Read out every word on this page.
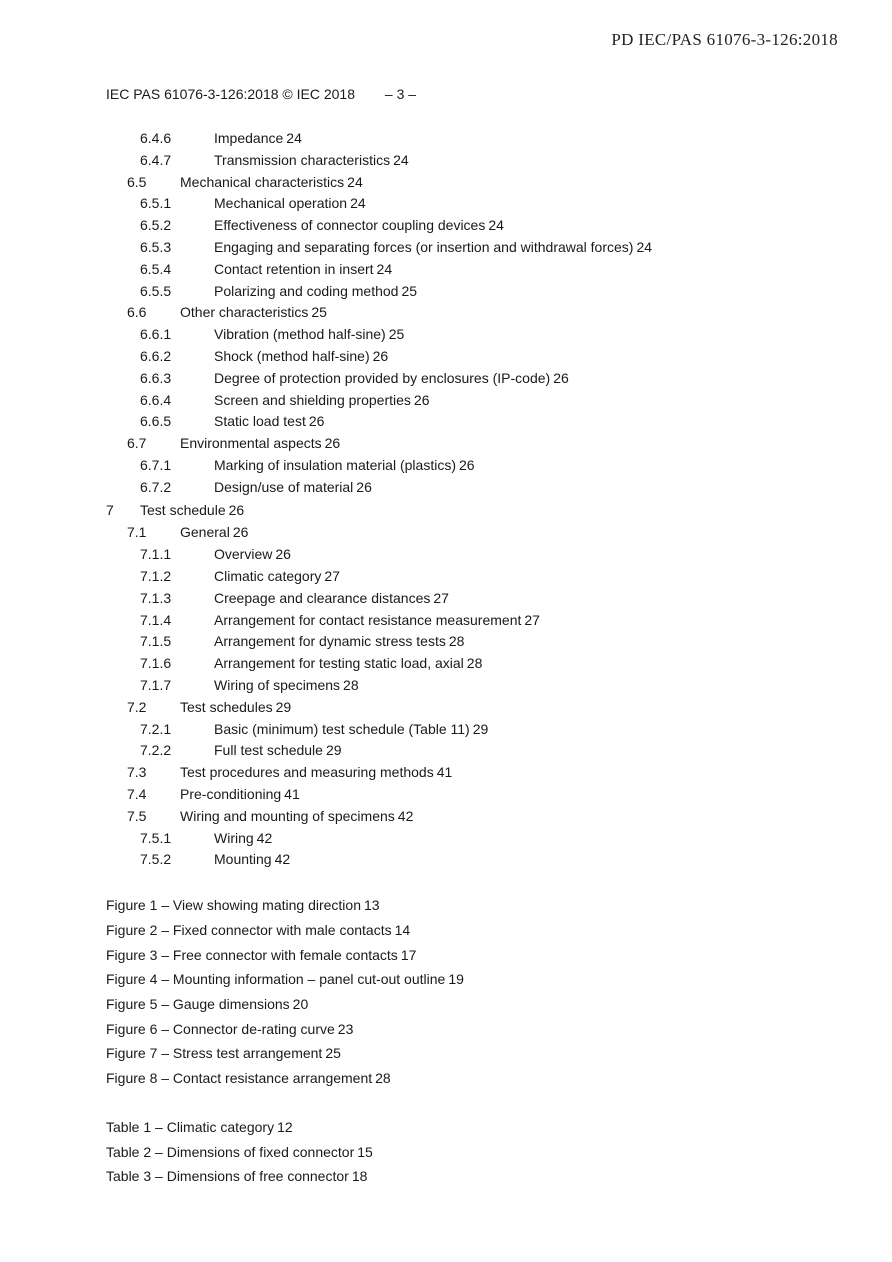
PD IEC/PAS 61076-3-126:2018
IEC PAS 61076-3-126:2018 © IEC 2018 – 3 –
6.4.6	Impedance 24
6.4.7	Transmission characteristics 24
6.5 Mechanical characteristics 24
6.5.1	Mechanical operation 24
6.5.2	Effectiveness of connector coupling devices 24
6.5.3	Engaging and separating forces (or insertion and withdrawal forces) 24
6.5.4	Contact retention in insert 24
6.5.5	Polarizing and coding method 25
6.6 Other characteristics 25
6.6.1	Vibration (method half-sine) 25
6.6.2	Shock (method half-sine) 26
6.6.3	Degree of protection provided by enclosures (IP-code) 26
6.6.4	Screen and shielding properties 26
6.6.5	Static load test 26
6.7 Environmental aspects 26
6.7.1	Marking of insulation material (plastics) 26
6.7.2	Design/use of material 26
7 Test schedule 26
7.1 General 26
7.1.1	Overview 26
7.1.2	Climatic category 27
7.1.3	Creepage and clearance distances 27
7.1.4	Arrangement for contact resistance measurement 27
7.1.5	Arrangement for dynamic stress tests 28
7.1.6	Arrangement for testing static load, axial 28
7.1.7	Wiring of specimens 28
7.2 Test schedules 29
7.2.1	Basic (minimum) test schedule (Table 11) 29
7.2.2	Full test schedule 29
7.3 Test procedures and measuring methods 41
7.4 Pre-conditioning 41
7.5 Wiring and mounting of specimens 42
7.5.1	Wiring 42
7.5.2	Mounting 42
Figure 1 – View showing mating direction 13
Figure 2 – Fixed connector with male contacts 14
Figure 3 – Free connector with female contacts 17
Figure 4 – Mounting information – panel cut-out outline 19
Figure 5 – Gauge dimensions 20
Figure 6 – Connector de-rating curve 23
Figure 7 – Stress test arrangement 25
Figure 8 – Contact resistance arrangement 28
Table 1 – Climatic category 12
Table 2 – Dimensions of fixed connector 15
Table 3 – Dimensions of free connector 18
